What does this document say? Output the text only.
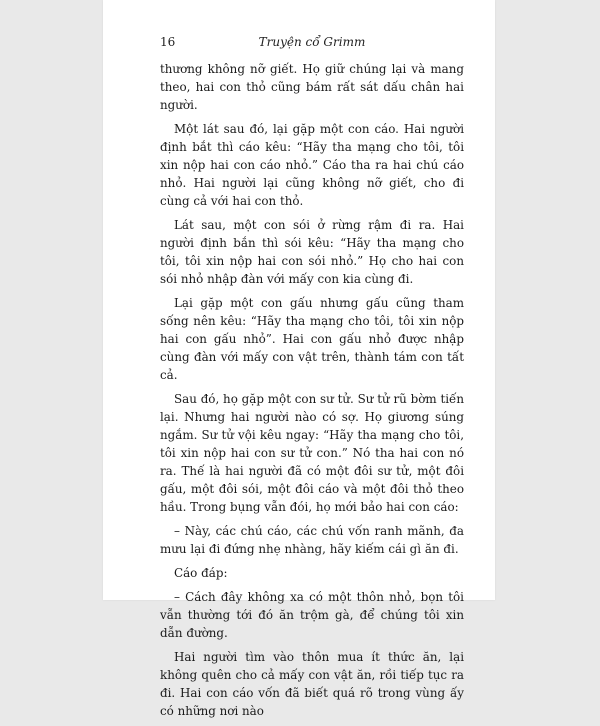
16	Truyện cổ Grimm

thương không nỡ giết. Họ giữ chúng lại và mang theo, hai con thỏ cũng bám rất sát dấu chân hai người.

Một lát sau đó, lại gặp một con cáo. Hai người định bắt thì cáo kêu: “Hãy tha mạng cho tôi, tôi xin nộp hai con cáo nhỏ.” Cáo tha ra hai chú cáo nhỏ. Hai người lại cũng không nỡ giết, cho đi cùng cả với hai con thỏ.

Lát sau, một con sói ở rừng rậm đi ra. Hai người định bắn thì sói kêu: “Hãy tha mạng cho tôi, tôi xin nộp hai con sói nhỏ.” Họ cho hai con sói nhỏ nhập đàn với mấy con kia cùng đi.

Lại gặp một con gấu nhưng gấu cũng tham sống nên kêu: “Hãy tha mạng cho tôi, tôi xin nộp hai con gấu nhỏ”. Hai con gấu nhỏ được nhập cùng đàn với mấy con vật trên, thành tám con tất cả.

Sau đó, họ gặp một con sư tử. Sư tử rũ bờm tiến lại. Nhưng hai người nào có sợ. Họ giương súng ngắm. Sư tử vội kêu ngay: “Hãy tha mạng cho tôi, tôi xin nộp hai con sư tử con.” Nó tha hai con nó ra. Thế là hai người đã có một đôi sư tử, một đôi gấu, một đôi sói, một đôi cáo và một đôi thỏ theo hầu. Trong bụng vẫn đói, họ mới bảo hai con cáo:

– Này, các chú cáo, các chú vốn ranh mãnh, đa mưu lại đi đứng nhẹ nhàng, hãy kiếm cái gì ăn đi.

Cáo đáp:

– Cách đây không xa có một thôn nhỏ, bọn tôi vẫn thường tới đó ăn trộm gà, để chúng tôi xin dẫn đường.

Hai người tìm vào thôn mua ít thức ăn, lại không quên cho cả mấy con vật ăn, rồi tiếp tục ra đi. Hai con cáo vốn đã biết quá rõ trong vùng ấy có những nơi nào
